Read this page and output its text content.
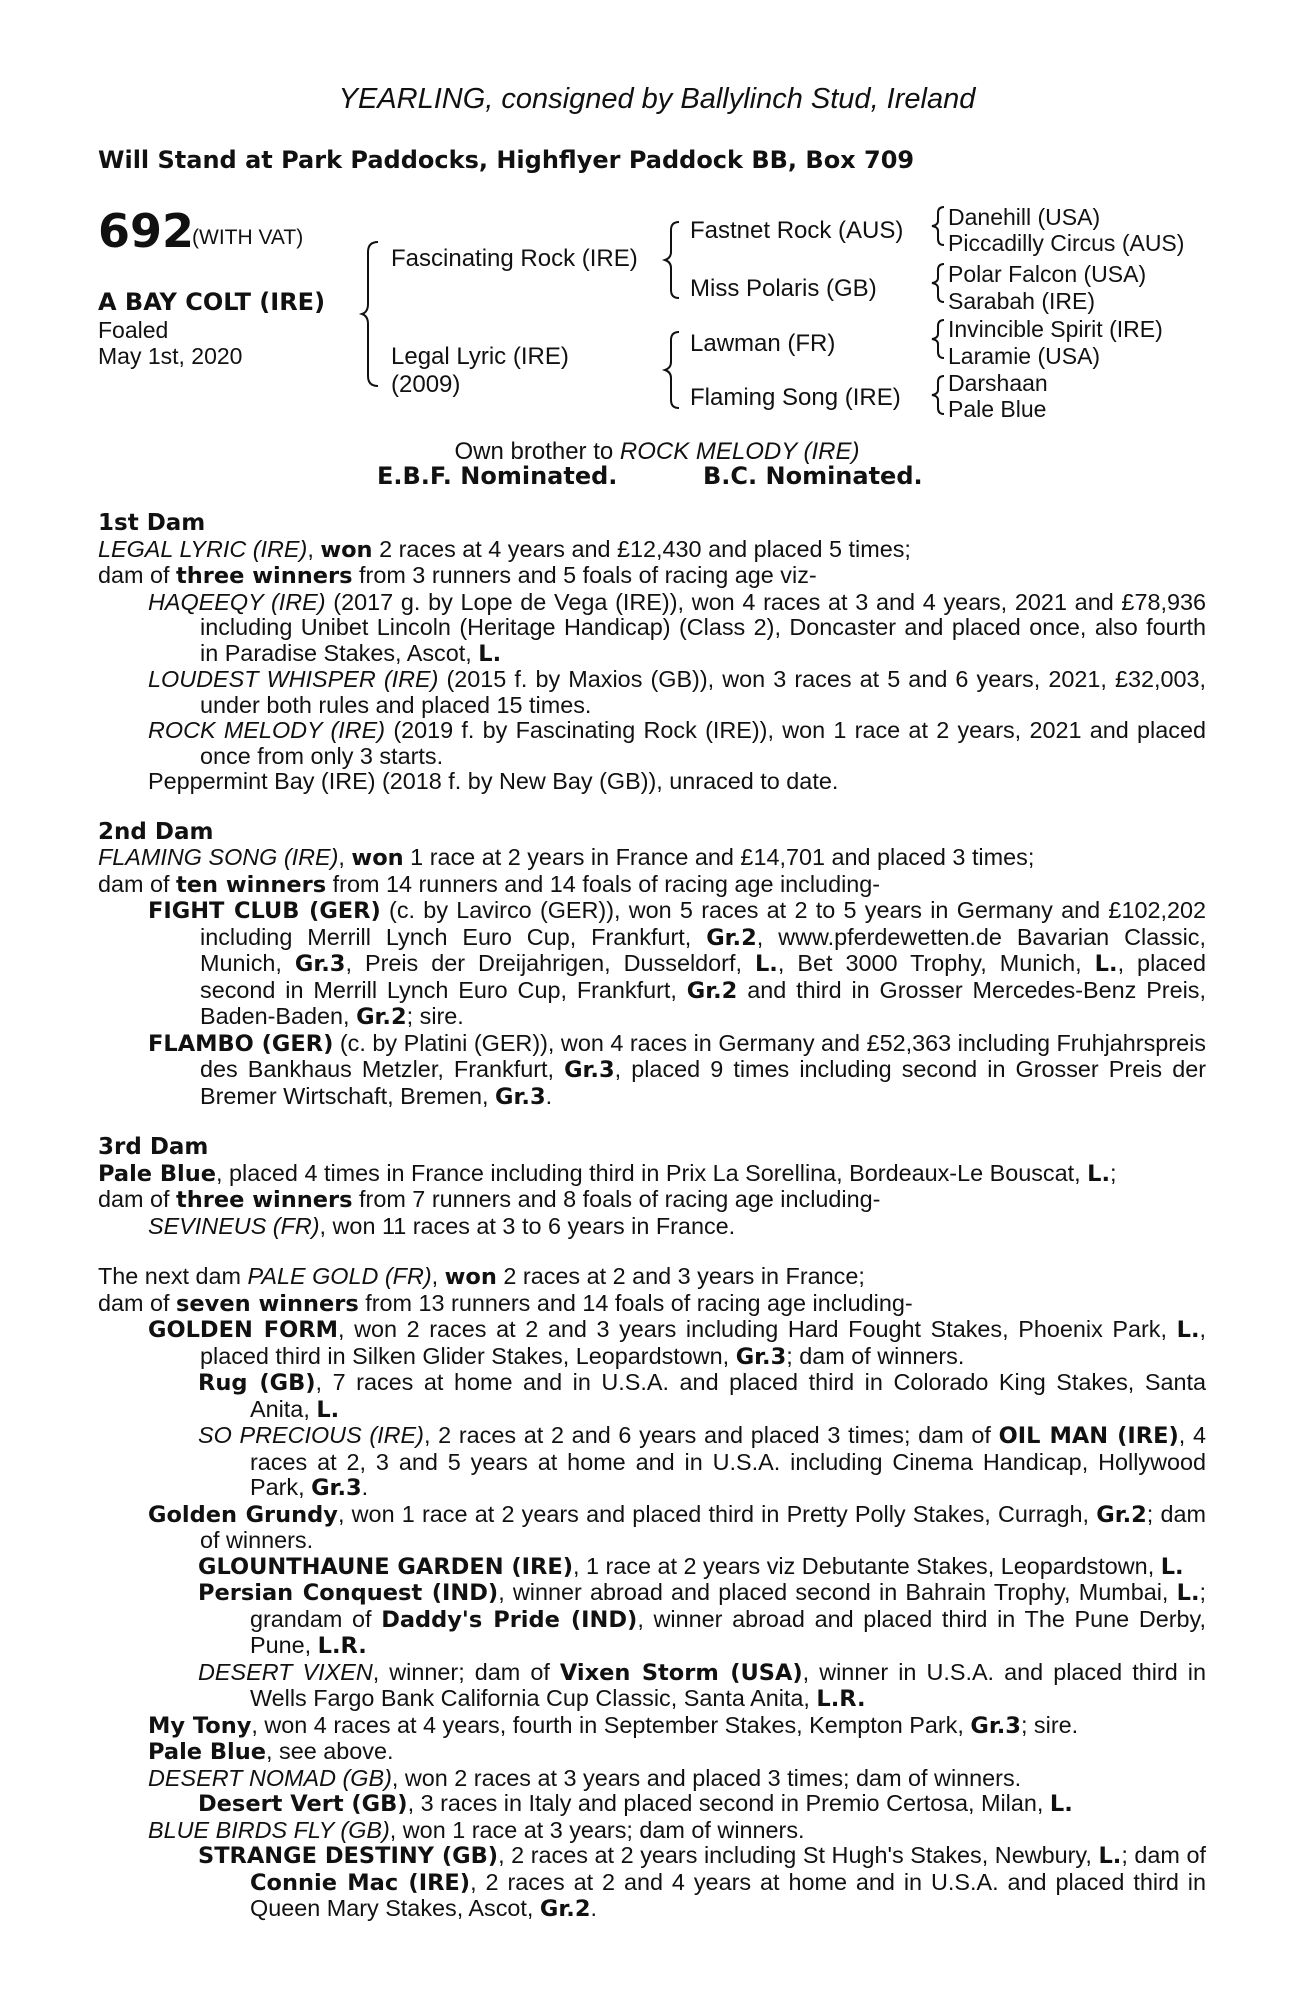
YEARLING, consigned by Ballylinch Stud, Ireland
Will Stand at Park Paddocks, Highflyer Paddock BB, Box 709
692
(WITH VAT)
A BAY COLT (IRE)
Foaled
May 1st, 2020
Fascinating Rock (IRE)
Legal Lyric (IRE)
(2009)
Fastnet Rock (AUS)
Miss Polaris (GB)
Lawman (FR)
Flaming Song (IRE)
Danehill (USA)
Piccadilly Circus (AUS)
Polar Falcon (USA)
Sarabah (IRE)
Invincible Spirit (IRE)
Laramie (USA)
Darshaan
Pale Blue
Own brother to ROCK MELODY (IRE)
E.B.F. Nominated.	B.C. Nominated.
1st Dam
LEGAL LYRIC (IRE), won 2 races at 4 years and £12,430 and placed 5 times;
dam of three winners from 3 runners and 5 foals of racing age viz-
HAQEEQY (IRE) (2017 g. by Lope de Vega (IRE)), won 4 races at 3 and 4 years, 2021 and £78,936 including Unibet Lincoln (Heritage Handicap) (Class 2), Doncaster and placed once, also fourth in Paradise Stakes, Ascot, L.
LOUDEST WHISPER (IRE) (2015 f. by Maxios (GB)), won 3 races at 5 and 6 years, 2021, £32,003, under both rules and placed 15 times.
ROCK MELODY (IRE) (2019 f. by Fascinating Rock (IRE)), won 1 race at 2 years, 2021 and placed once from only 3 starts.
Peppermint Bay (IRE) (2018 f. by New Bay (GB)), unraced to date.
2nd Dam
FLAMING SONG (IRE), won 1 race at 2 years in France and £14,701 and placed 3 times;
dam of ten winners from 14 runners and 14 foals of racing age including-
FIGHT CLUB (GER) (c. by Lavirco (GER)), won 5 races at 2 to 5 years in Germany and £102,202 including Merrill Lynch Euro Cup, Frankfurt, Gr.2, www.pferdewetten.de Bavarian Classic, Munich, Gr.3, Preis der Dreijahrigen, Dusseldorf, L., Bet 3000 Trophy, Munich, L., placed second in Merrill Lynch Euro Cup, Frankfurt, Gr.2 and third in Grosser Mercedes-Benz Preis, Baden-Baden, Gr.2; sire.
FLAMBO (GER) (c. by Platini (GER)), won 4 races in Germany and £52,363 including Fruhjahrspreis des Bankhaus Metzler, Frankfurt, Gr.3, placed 9 times including second in Grosser Preis der Bremer Wirtschaft, Bremen, Gr.3.
3rd Dam
Pale Blue, placed 4 times in France including third in Prix La Sorellina, Bordeaux-Le Bouscat, L.;
dam of three winners from 7 runners and 8 foals of racing age including-
SEVINEUS (FR), won 11 races at 3 to 6 years in France.
The next dam PALE GOLD (FR), won 2 races at 2 and 3 years in France;
dam of seven winners from 13 runners and 14 foals of racing age including-
GOLDEN FORM, won 2 races at 2 and 3 years including Hard Fought Stakes, Phoenix Park, L., placed third in Silken Glider Stakes, Leopardstown, Gr.3; dam of winners.
Rug (GB), 7 races at home and in U.S.A. and placed third in Colorado King Stakes, Santa Anita, L.
SO PRECIOUS (IRE), 2 races at 2 and 6 years and placed 3 times; dam of OIL MAN (IRE), 4 races at 2, 3 and 5 years at home and in U.S.A. including Cinema Handicap, Hollywood Park, Gr.3.
Golden Grundy, won 1 race at 2 years and placed third in Pretty Polly Stakes, Curragh, Gr.2; dam of winners.
GLOUNTHAUNE GARDEN (IRE), 1 race at 2 years viz Debutante Stakes, Leopardstown, L.
Persian Conquest (IND), winner abroad and placed second in Bahrain Trophy, Mumbai, L.; grandam of Daddy's Pride (IND), winner abroad and placed third in The Pune Derby, Pune, L.R.
DESERT VIXEN, winner; dam of Vixen Storm (USA), winner in U.S.A. and placed third in Wells Fargo Bank California Cup Classic, Santa Anita, L.R.
My Tony, won 4 races at 4 years, fourth in September Stakes, Kempton Park, Gr.3; sire.
Pale Blue, see above.
DESERT NOMAD (GB), won 2 races at 3 years and placed 3 times; dam of winners.
Desert Vert (GB), 3 races in Italy and placed second in Premio Certosa, Milan, L.
BLUE BIRDS FLY (GB), won 1 race at 3 years; dam of winners.
STRANGE DESTINY (GB), 2 races at 2 years including St Hugh's Stakes, Newbury, L.; dam of Connie Mac (IRE), 2 races at 2 and 4 years at home and in U.S.A. and placed third in Queen Mary Stakes, Ascot, Gr.2.
